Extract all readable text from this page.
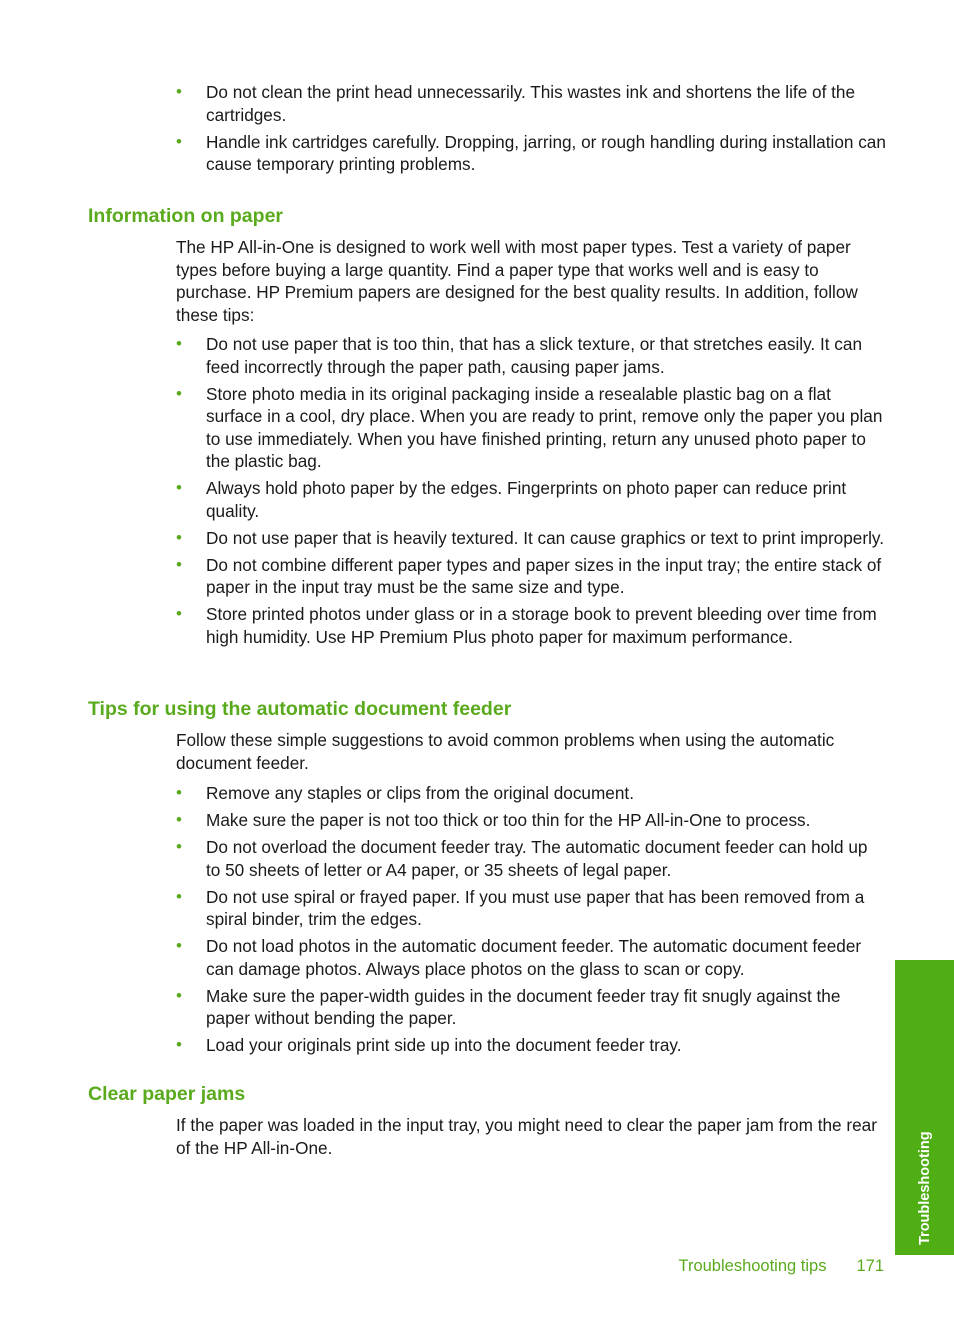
• Do not clean the print head unnecessarily. This wastes ink and shortens the life of the cartridges.
• Handle ink cartridges carefully. Dropping, jarring, or rough handling during installation can cause temporary printing problems.
Information on paper

The HP All-in-One is designed to work well with most paper types. Test a variety of paper types before buying a large quantity. Find a paper type that works well and is easy to purchase. HP Premium papers are designed for the best quality results. In addition, follow these tips:

• Do not use paper that is too thin, that has a slick texture, or that stretches easily. It can feed incorrectly through the paper path, causing paper jams.
• Store photo media in its original packaging inside a resealable plastic bag on a flat surface in a cool, dry place. When you are ready to print, remove only the paper you plan to use immediately. When you have finished printing, return any unused photo paper to the plastic bag.
• Always hold photo paper by the edges. Fingerprints on photo paper can reduce print quality.
• Do not use paper that is heavily textured. It can cause graphics or text to print improperly.
• Do not combine different paper types and paper sizes in the input tray; the entire stack of paper in the input tray must be the same size and type.
• Store printed photos under glass or in a storage book to prevent bleeding over time from high humidity. Use HP Premium Plus photo paper for maximum performance.
Tips for using the automatic document feeder

Follow these simple suggestions to avoid common problems when using the automatic document feeder.

• Remove any staples or clips from the original document.
• Make sure the paper is not too thick or too thin for the HP All-in-One to process.
• Do not overload the document feeder tray. The automatic document feeder can hold up to 50 sheets of letter or A4 paper, or 35 sheets of legal paper.
• Do not use spiral or frayed paper. If you must use paper that has been removed from a spiral binder, trim the edges.
• Do not load photos in the automatic document feeder. The automatic document feeder can damage photos. Always place photos on the glass to scan or copy.
• Make sure the paper-width guides in the document feeder tray fit snugly against the paper without bending the paper.
• Load your originals print side up into the document feeder tray.
Clear paper jams

If the paper was loaded in the input tray, you might need to clear the paper jam from the rear of the HP All-in-One.	Troubleshooting
Troubleshooting tips 171
